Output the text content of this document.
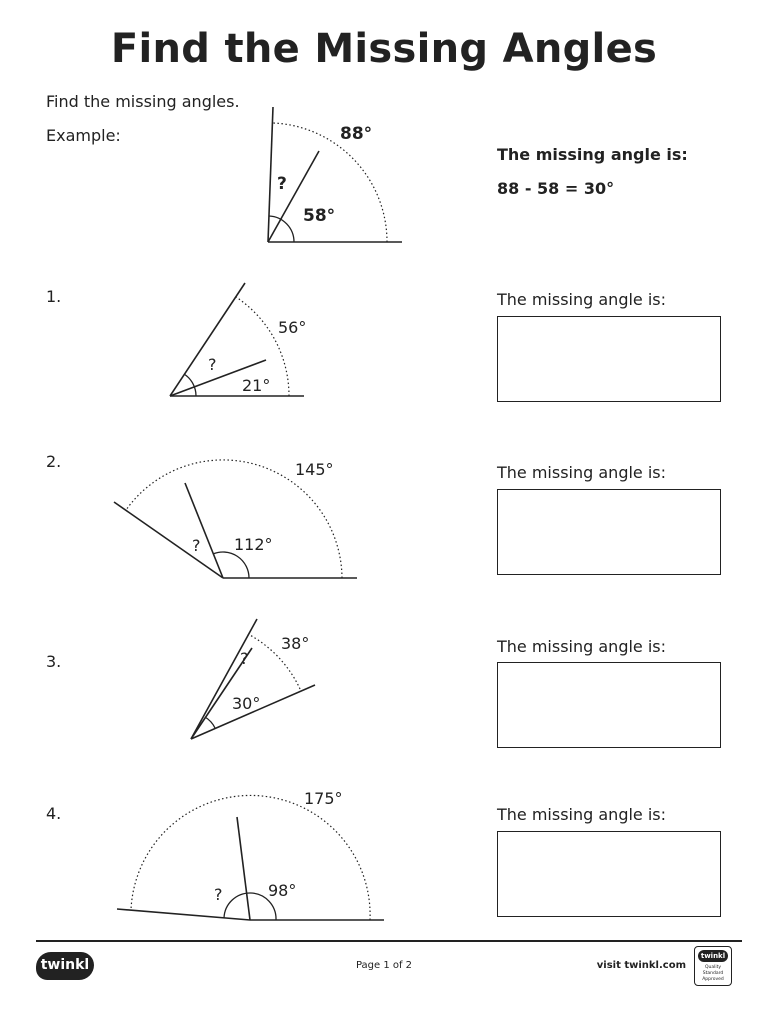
Find the Missing Angles
Find the missing angles.
Example:
The missing angle is:
88 - 58 = 30°
88°
?
58°
56°
?
21°
145°
? 112°
38°
?
30°
175°
?	98°
1.
2.
3.
4.
The missing angle is:
The missing angle is:
The missing angle is:
The missing angle is:
twinkl	Page 1 of 2	visit twinkl.com
twinkl
Quality Standard Approved
